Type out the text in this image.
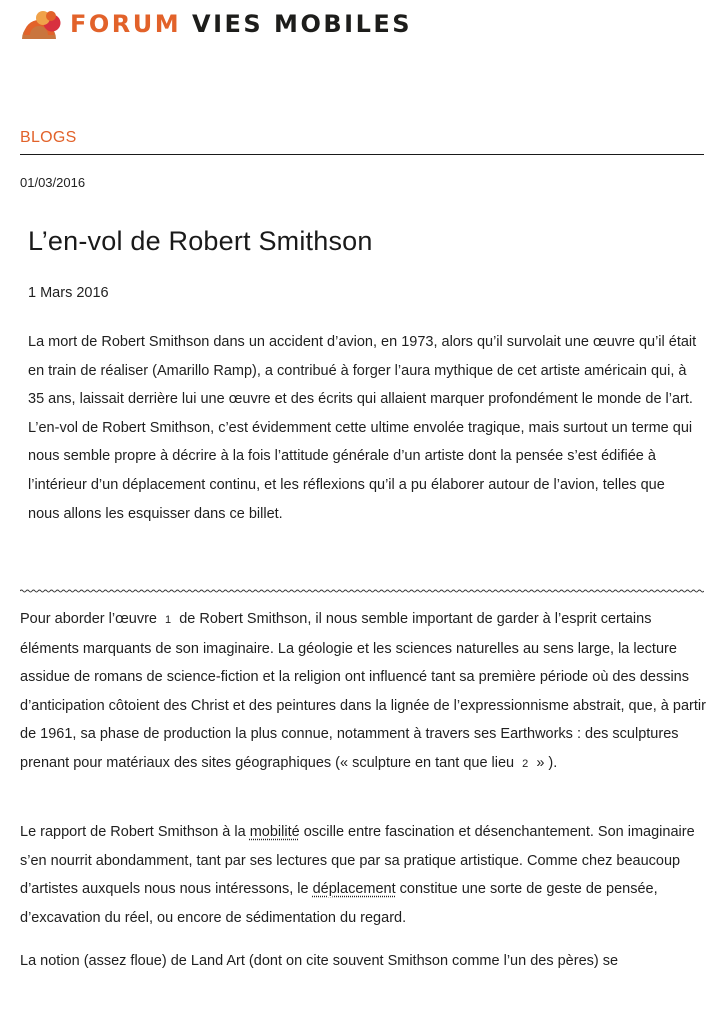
FORUM VIES MOBILES
BLOGS
01/03/2016
L’en-vol de Robert Smithson
1 Mars 2016

La mort de Robert Smithson dans un accident d’avion, en 1973, alors qu’il survolait une œuvre qu’il était en train de réaliser (Amarillo Ramp), a contribué à forger l’aura mythique de cet artiste américain qui, à 35 ans, laissait derrière lui une œuvre et des écrits qui allaient marquer profondément le monde de l’art. L’en-vol de Robert Smithson, c’est évidemment cette ultime envolée tragique, mais surtout un terme qui nous semble propre à décrire à la fois l’attitude générale d’un artiste dont la pensée s’est édifiée à l’intérieur d’un déplacement continu, et les réflexions qu’il a pu élaborer autour de l’avion, telles que nous allons les esquisser dans ce billet.

Pour aborder l’œuvre 1 de Robert Smithson, il nous semble important de garder à l’esprit certains éléments marquants de son imaginaire. La géologie et les sciences naturelles au sens large, la lecture assidue de romans de science-fiction et la religion ont influencé tant sa première période où des dessins d’anticipation côtoient des Christ et des peintures dans la lignée de l’expressionnisme abstrait, que, à partir de 1961, sa phase de production la plus connue, notamment à travers ses Earthworks : des sculptures prenant pour matériaux des sites géographiques (« sculpture en tant que lieu 2 » ).

Le rapport de Robert Smithson à la mobilité oscille entre fascination et désenchantement. Son imaginaire s’en nourrit abondamment, tant par ses lectures que par sa pratique artistique. Comme chez beaucoup d’artistes auxquels nous nous intéressons, le déplacement constitue une sorte de geste de pensée, d’excavation du réel, ou encore de sédimentation du regard.

La notion (assez floue) de Land Art (dont on cite souvent Smithson comme l’un des pères) se
